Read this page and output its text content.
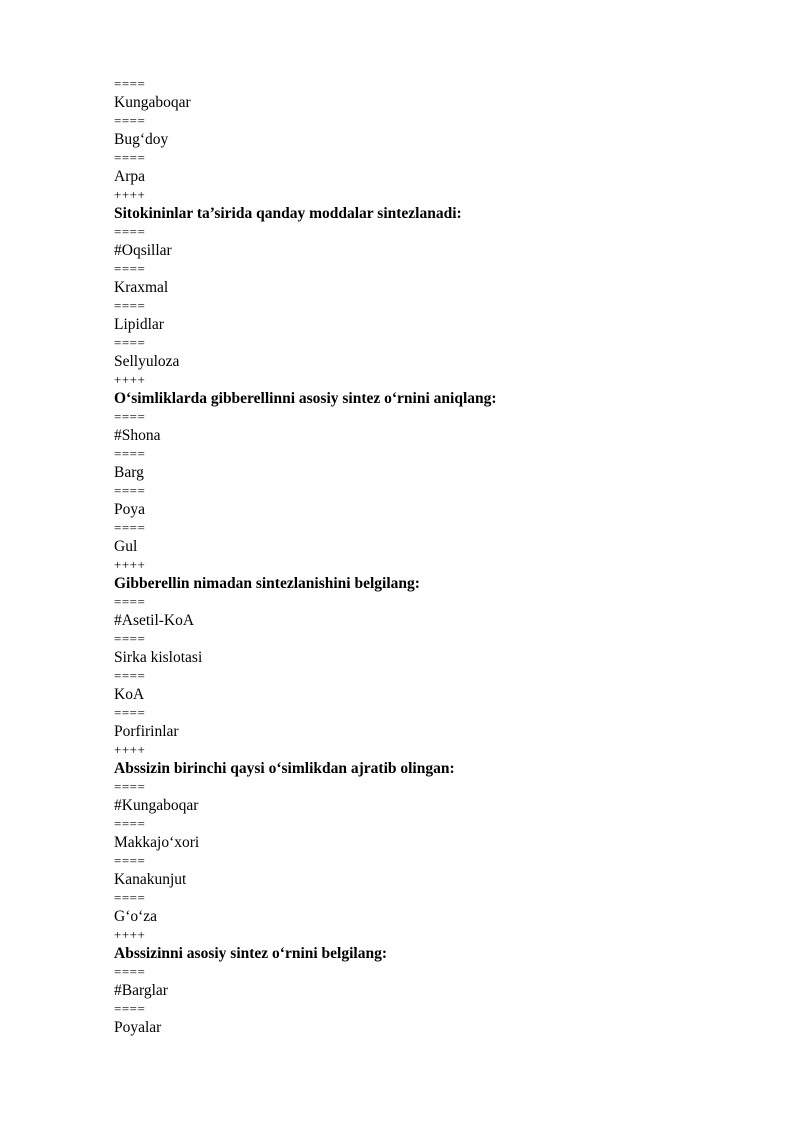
====
Kungaboqar
====
Bug‘doy
====
Arpa
++++
Sitokininlar ta’sirida qanday moddalar sintezlanadi:
====
#Oqsillar
====
Kraxmal
====
Lipidlar
====
Sellyuloza
++++
O‘simliklarda gibberellinni asosiy sintez o‘rnini aniqlang:
====
#Shona
====
Barg
====
Poya
====
Gul
++++
Gibberellin nimadan sintezlanishini belgilang:
====
#Asetil-KoA
====
Sirka kislotasi
====
KoA
====
Porfirinlar
++++
Abssizin birinchi qaysi o‘simlikdan ajratib olingan:
====
#Kungaboqar
====
Makkajo‘xori
====
Kanakunjut
====
G‘o‘za
++++
Abssizinni asosiy sintez o‘rnini belgilang:
====
#Barglar
====
Poyalar
